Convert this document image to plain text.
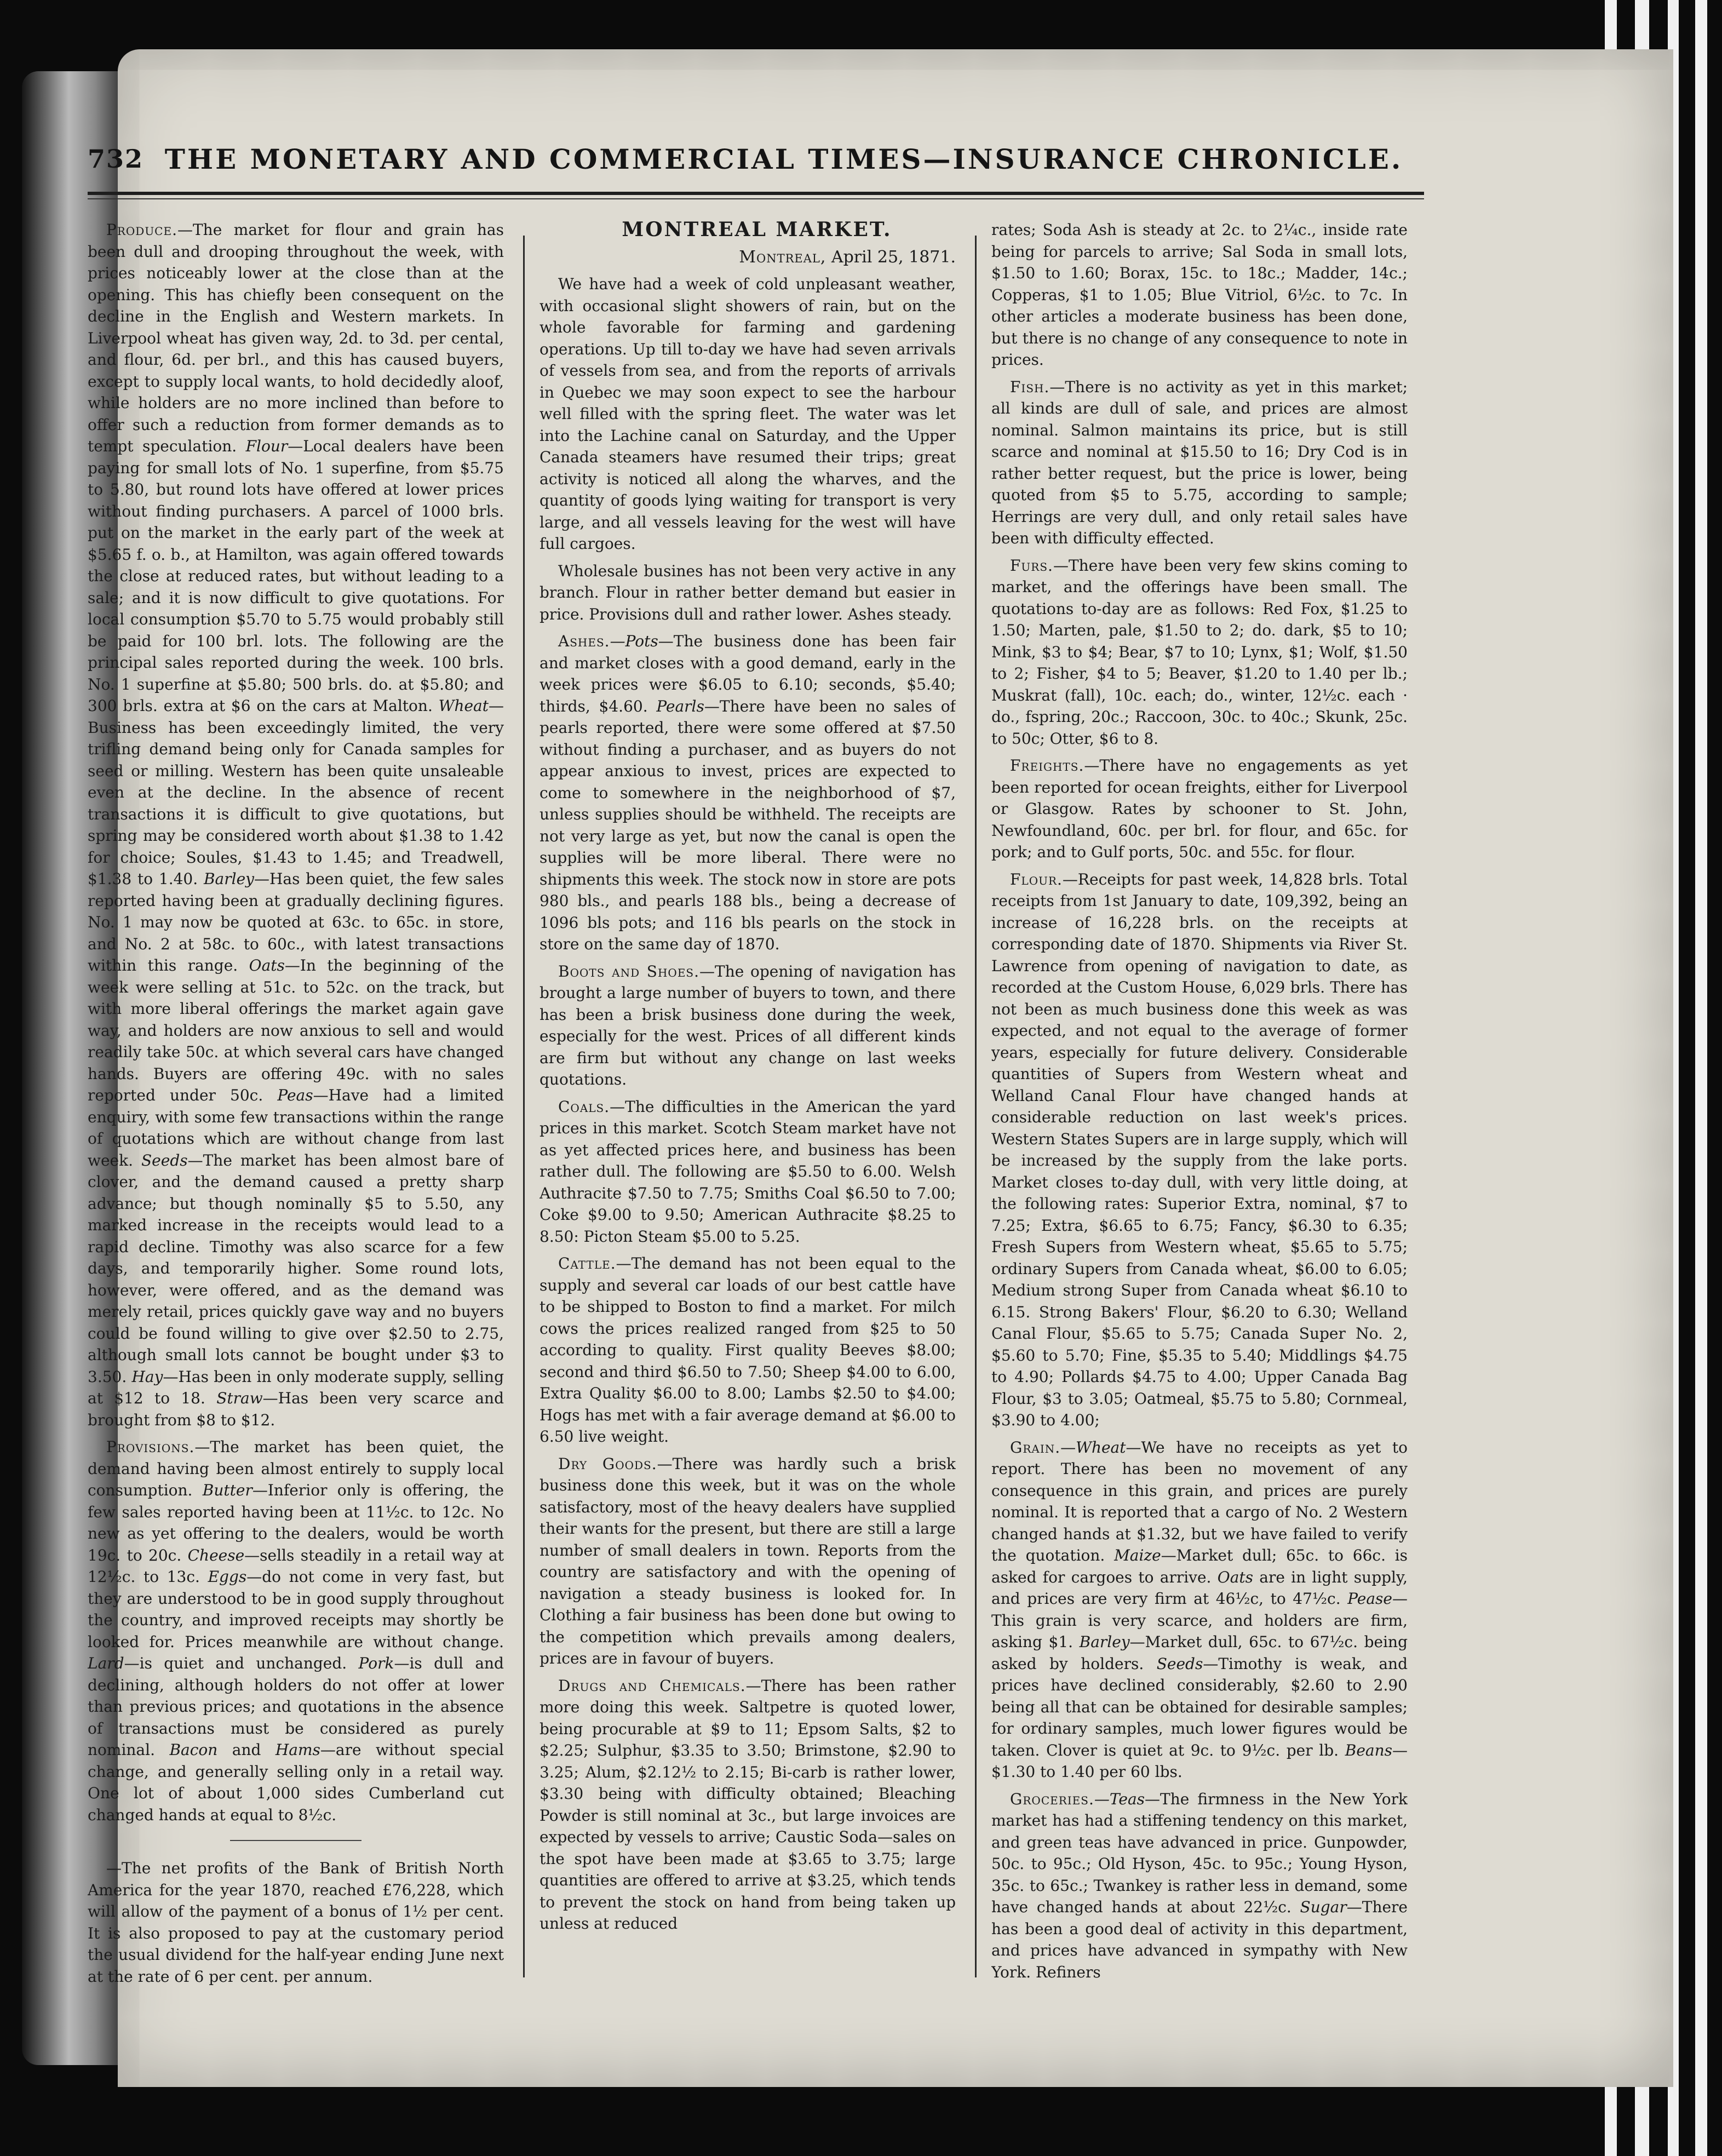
732 THE MONETARY AND COMMERCIAL TIMES—INSURANCE CHRONICLE.

Produce.—The market for flour and grain has been dull and drooping throughout the week, with prices noticeably lower at the close than at the opening. This has chiefly been consequent on the decline in the English and Western markets. In Liverpool wheat has given way, 2d. to 3d. per cental, and flour, 6d. per brl., and this has caused buyers, except to supply local wants, to hold decidedly aloof, while holders are no more inclined than before to offer such a reduction from former demands as to tempt speculation. Flour—Local dealers have been paying for small lots of No. 1 superfine, from $5.75 to 5.80, but round lots have offered at lower prices without finding purchasers. A parcel of 1000 brls. put on the market in the early part of the week at $5.65 f. o. b., at Hamilton, was again offered towards the close at reduced rates, but without leading to a sale; and it is now difficult to give quotations. For local consumption $5.70 to 5.75 would probably still be paid for 100 brl. lots. The following are the principal sales reported during the week. 100 brls. No. 1 superfine at $5.80; 500 brls. do. at $5.80; and 300 brls. extra at $6 on the cars at Malton. Wheat—Business has been exceedingly limited, the very trifling demand being only for Canada samples for seed or milling. Western has been quite unsaleable even at the decline. In the absence of recent transactions it is difficult to give quotations, but spring may be considered worth about $1.38 to 1.42 for choice; Soules, $1.43 to 1.45; and Treadwell, $1.38 to 1.40. Barley—Has been quiet, the few sales reported having been at gradually declining figures. No. 1 may now be quoted at 63c. to 65c. in store, and No. 2 at 58c. to 60c., with latest transactions within this range. Oats—In the beginning of the week were selling at 51c. to 52c. on the track, but with more liberal offerings the market again gave way, and holders are now anxious to sell and would readily take 50c. at which several cars have changed hands. Buyers are offering 49c. with no sales reported under 50c. Peas—Have had a limited enquiry, with some few transactions within the range of quotations which are without change from last week. Seeds—The market has been almost bare of clover, and the demand caused a pretty sharp advance; but though nominally $5 to 5.50, any marked increase in the receipts would lead to a rapid decline. Timothy was also scarce for a few days, and temporarily higher. Some round lots, however, were offered, and as the demand was merely retail, prices quickly gave way and no buyers could be found willing to give over $2.50 to 2.75, although small lots cannot be bought under $3 to 3.50. Hay—Has been in only moderate supply, selling at $12 to 18. Straw—Has been very scarce and brought from $8 to $12.

Provisions.—The market has been quiet, the demand having been almost entirely to supply local consumption. Butter—Inferior only is offering, the few sales reported having been at 11½c. to 12c. No new as yet offering to the dealers, would be worth 19c. to 20c. Cheese—sells steadily in a retail way at 12½c. to 13c. Eggs—do not come in very fast, but they are understood to be in good supply throughout the country, and improved receipts may shortly be looked for. Prices meanwhile are without change. Lard—is quiet and unchanged. Pork—is dull and declining, although holders do not offer at lower than previous prices; and quotations in the absence of transactions must be considered as purely nominal. Bacon and Hams—are without special change, and generally selling only in a retail way. One lot of about 1,000 sides Cumberland cut changed hands at equal to 8½c.

—The net profits of the Bank of British North America for the year 1870, reached £76,228, which will allow of the payment of a bonus of 1½ per cent. It is also proposed to pay at the customary period the usual dividend for the half-year ending June next at the rate of 6 per cent. per annum.

MONTREAL MARKET.

Montreal, April 25, 1871.

We have had a week of cold unpleasant weather, with occasional slight showers of rain, but on the whole favorable for farming and gardening operations. Up till to-day we have had seven arrivals of vessels from sea, and from the reports of arrivals in Quebec we may soon expect to see the harbour well filled with the spring fleet. The water was let into the Lachine canal on Saturday, and the Upper Canada steamers have resumed their trips; great activity is noticed all along the wharves, and the quantity of goods lying waiting for transport is very large, and all vessels leaving for the west will have full cargoes.

Wholesale busines has not been very active in any branch. Flour in rather better demand but easier in price. Provisions dull and rather lower. Ashes steady.

Ashes.—Pots—The business done has been fair and market closes with a good demand, early in the week prices were $6.05 to 6.10; seconds, $5.40; thirds, $4.60. Pearls—There have been no sales of pearls reported, there were some offered at $7.50 without finding a purchaser, and as buyers do not appear anxious to invest, prices are expected to come to somewhere in the neighborhood of $7, unless supplies should be withheld. The receipts are not very large as yet, but now the canal is open the supplies will be more liberal. There were no shipments this week. The stock now in store are pots 980 bls., and pearls 188 bls., being a decrease of 1096 bls pots; and 116 bls pearls on the stock in store on the same day of 1870.

Boots and Shoes.—The opening of navigation has brought a large number of buyers to town, and there has been a brisk business done during the week, especially for the west. Prices of all different kinds are firm but without any change on last weeks quotations.

Coals.—The difficulties in the American the yard prices in this market. Scotch Steam market have not as yet affected prices here, and business has been rather dull. The following are $5.50 to 6.00. Welsh Authracite $7.50 to 7.75; Smiths Coal $6.50 to 7.00; Coke $9.00 to 9.50; American Authracite $8.25 to 8.50: Picton Steam $5.00 to 5.25.

Cattle.—The demand has not been equal to the supply and several car loads of our best cattle have to be shipped to Boston to find a market. For milch cows the prices realized ranged from $25 to 50 according to quality. First quality Beeves $8.00; second and third $6.50 to 7.50; Sheep $4.00 to 6.00, Extra Quality $6.00 to 8.00; Lambs $2.50 to $4.00; Hogs has met with a fair average demand at $6.00 to 6.50 live weight.

Dry Goods.—There was hardly such a brisk business done this week, but it was on the whole satisfactory, most of the heavy dealers have supplied their wants for the present, but there are still a large number of small dealers in town. Reports from the country are satisfactory and with the opening of navigation a steady business is looked for. In Clothing a fair business has been done but owing to the competition which prevails among dealers, prices are in favour of buyers.

Drugs and Chemicals.—There has been rather more doing this week. Saltpetre is quoted lower, being procurable at $9 to 11; Epsom Salts, $2 to $2.25; Sulphur, $3.35 to 3.50; Brimstone, $2.90 to 3.25; Alum, $2.12½ to 2.15; Bi-carb is rather lower, $3.30 being with difficulty obtained; Bleaching Powder is still nominal at 3c., but large invoices are expected by vessels to arrive; Caustic Soda—sales on the spot have been made at $3.65 to 3.75; large quantities are offered to arrive at $3.25, which tends to prevent the stock on hand from being taken up unless at reduced

rates; Soda Ash is steady at 2c. to 2¼c., inside rate being for parcels to arrive; Sal Soda in small lots, $1.50 to 1.60; Borax, 15c. to 18c.; Madder, 14c.; Copperas, $1 to 1.05; Blue Vitriol, 6½c. to 7c. In other articles a moderate business has been done, but there is no change of any consequence to note in prices.

Fish.—There is no activity as yet in this market; all kinds are dull of sale, and prices are almost nominal. Salmon maintains its price, but is still scarce and nominal at $15.50 to 16; Dry Cod is in rather better request, but the price is lower, being quoted from $5 to 5.75, according to sample; Herrings are very dull, and only retail sales have been with difficulty effected.

Furs.—There have been very few skins coming to market, and the offerings have been small. The quotations to-day are as follows: Red Fox, $1.25 to 1.50; Marten, pale, $1.50 to 2; do. dark, $5 to 10; Mink, $3 to $4; Bear, $7 to 10; Lynx, $1; Wolf, $1.50 to 2; Fisher, $4 to 5; Beaver, $1.20 to 1.40 per lb.; Muskrat (fall), 10c. each; do., winter, 12½c. each · do., fspring, 20c.; Raccoon, 30c. to 40c.; Skunk, 25c. to 50c; Otter, $6 to 8.

Freights.—There have no engagements as yet been reported for ocean freights, either for Liverpool or Glasgow. Rates by schooner to St. John, Newfoundland, 60c. per brl. for flour, and 65c. for pork; and to Gulf ports, 50c. and 55c. for flour.

Flour.—Receipts for past week, 14,828 brls. Total receipts from 1st January to date, 109,392, being an increase of 16,228 brls. on the receipts at corresponding date of 1870. Shipments via River St. Lawrence from opening of navigation to date, as recorded at the Custom House, 6,029 brls. There has not been as much business done this week as was expected, and not equal to the average of former years, especially for future delivery. Considerable quantities of Supers from Western wheat and Welland Canal Flour have changed hands at considerable reduction on last week's prices. Western States Supers are in large supply, which will be increased by the supply from the lake ports. Market closes to-day dull, with very little doing, at the following rates: Superior Extra, nominal, $7 to 7.25; Extra, $6.65 to 6.75; Fancy, $6.30 to 6.35; Fresh Supers from Western wheat, $5.65 to 5.75; ordinary Supers from Canada wheat, $6.00 to 6.05; Medium strong Super from Canada wheat $6.10 to 6.15. Strong Bakers' Flour, $6.20 to 6.30; Welland Canal Flour, $5.65 to 5.75; Canada Super No. 2, $5.60 to 5.70; Fine, $5.35 to 5.40; Middlings $4.75 to 4.90; Pollards $4.75 to 4.00; Upper Canada Bag Flour, $3 to 3.05; Oatmeal, $5.75 to 5.80; Cornmeal, $3.90 to 4.00;

Grain.—Wheat—We have no receipts as yet to report. There has been no movement of any consequence in this grain, and prices are purely nominal. It is reported that a cargo of No. 2 Western changed hands at $1.32, but we have failed to verify the quotation. Maize—Market dull; 65c. to 66c. is asked for cargoes to arrive. Oats are in light supply, and prices are very firm at 46½c, to 47½c. Pease—This grain is very scarce, and holders are firm, asking $1. Barley—Market dull, 65c. to 67½c. being asked by holders. Seeds—Timothy is weak, and prices have declined considerably, $2.60 to 2.90 being all that can be obtained for desirable samples; for ordinary samples, much lower figures would be taken. Clover is quiet at 9c. to 9½c. per lb. Beans—$1.30 to 1.40 per 60 lbs.

Groceries.—Teas—The firmness in the New York market has had a stiffening tendency on this market, and green teas have advanced in price. Gunpowder, 50c. to 95c.; Old Hyson, 45c. to 95c.; Young Hyson, 35c. to 65c.; Twankey is rather less in demand, some have changed hands at about 22½c. Sugar—There has been a good deal of activity in this department, and prices have advanced in sympathy with New York. Refiners
